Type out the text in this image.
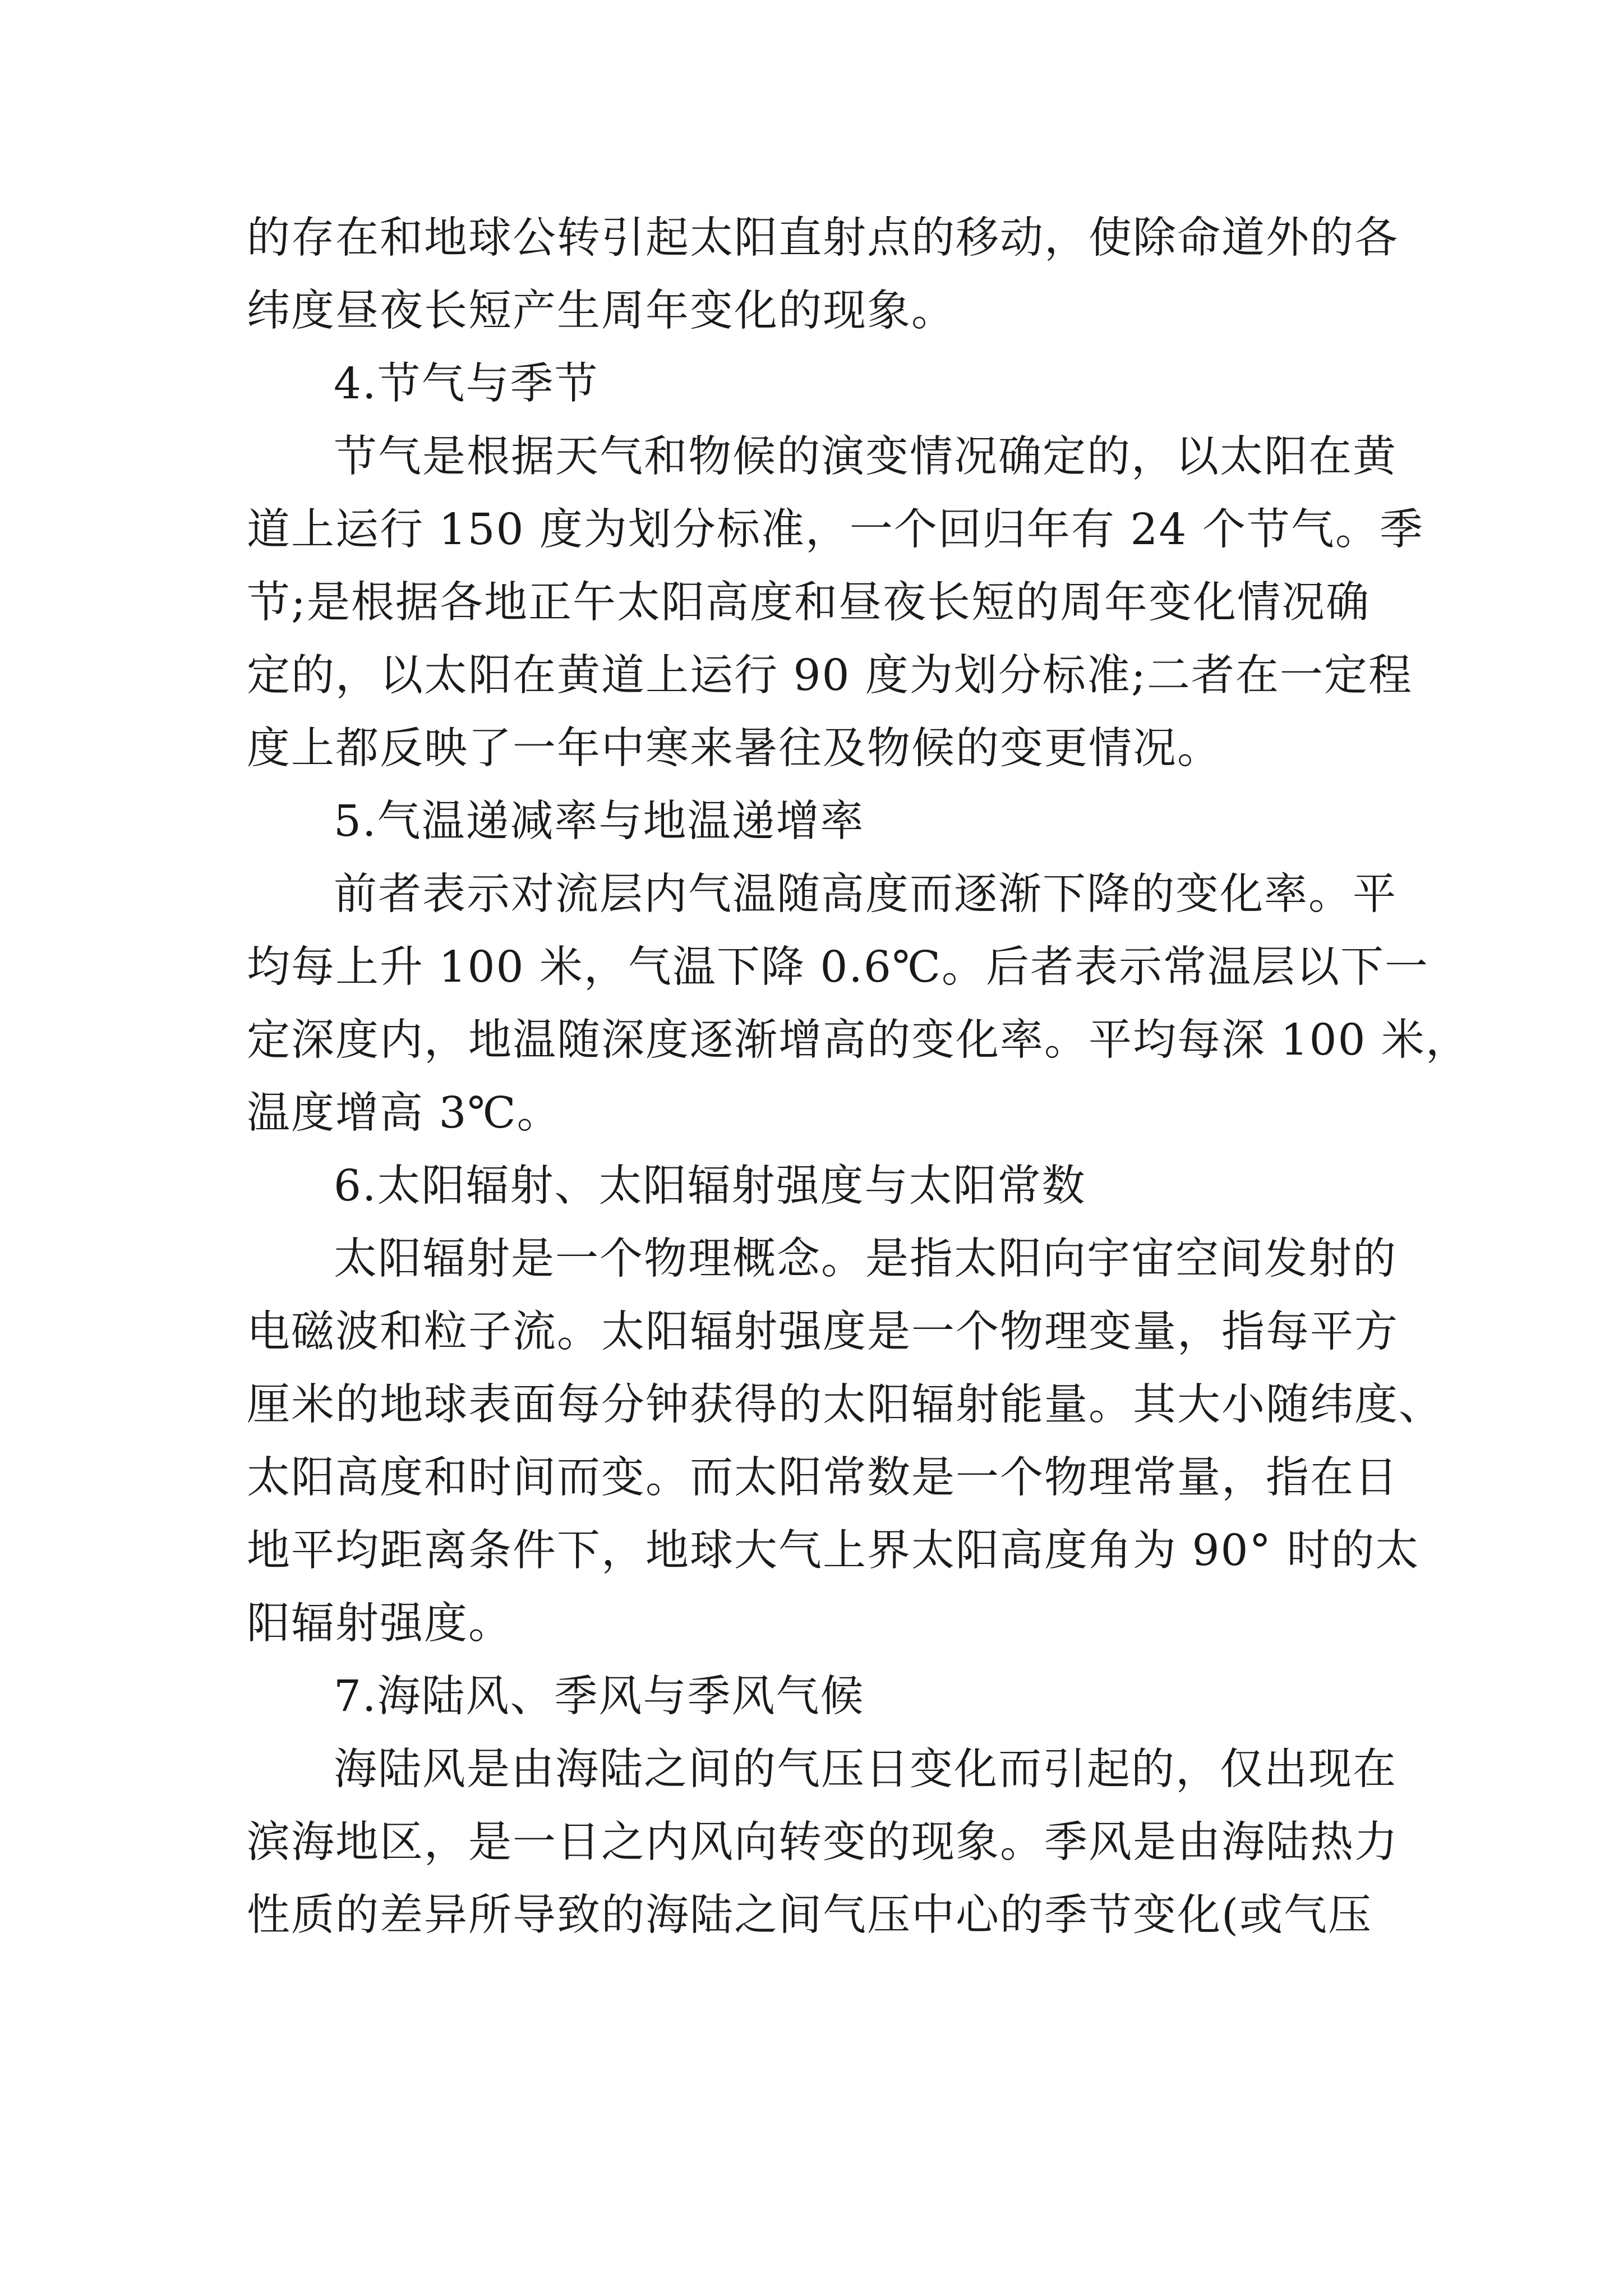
的存在和地球公转引起太阳直射点的移动，使除命道外的各
纬度昼夜长短产生周年变化的现象。
4.节气与季节
节气是根据天气和物候的演变情况确定的，以太阳在黄
道上运行 150 度为划分标准，一个回归年有 24 个节气。季
节;是根据各地正午太阳高度和昼夜长短的周年变化情况确
定的，以太阳在黄道上运行 90 度为划分标准;二者在一定程
度上都反映了一年中寒来暑往及物候的变更情况。
5.气温递减率与地温递增率
前者表示对流层内气温随高度而逐渐下降的变化率。平
均每上升 100 米，气温下降 0.6℃。后者表示常温层以下一
定深度内，地温随深度逐渐增高的变化率。平均每深 100 米，
温度增高 3℃。
6.太阳辐射、太阳辐射强度与太阳常数
太阳辐射是一个物理概念。是指太阳向宇宙空间发射的
电磁波和粒子流。太阳辐射强度是一个物理变量，指每平方
厘米的地球表面每分钟获得的太阳辐射能量。其大小随纬度、
太阳高度和时间而变。而太阳常数是一个物理常量，指在日
地平均距离条件下，地球大气上界太阳高度角为 90° 时的太
阳辐射强度。
7.海陆风、季风与季风气候
海陆风是由海陆之间的气压日变化而引起的，仅出现在
滨海地区，是一日之内风向转变的现象。季风是由海陆热力
性质的差异所导致的海陆之间气压中心的季节变化(或气压
